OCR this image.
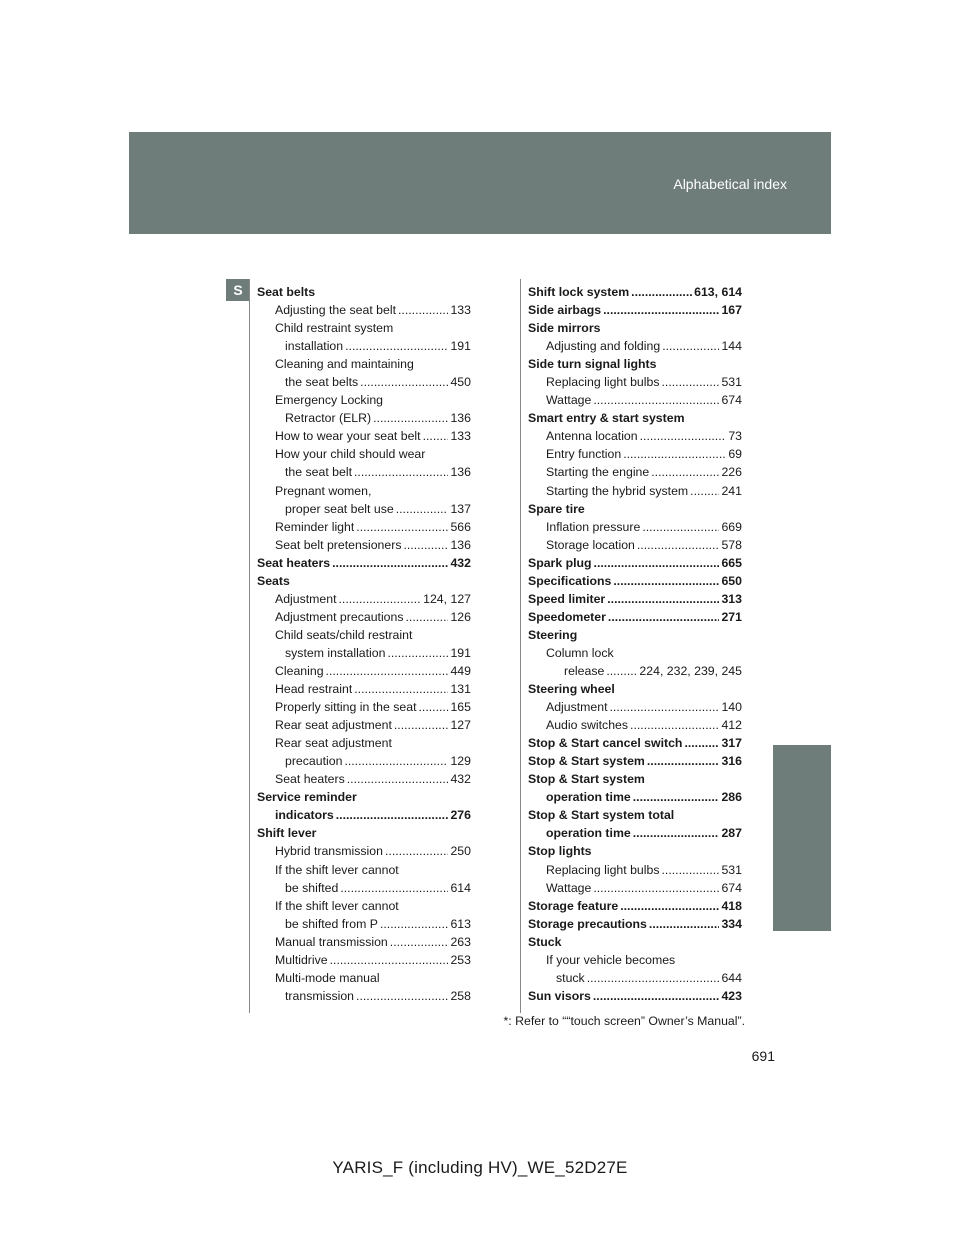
Alphabetical index
S	Seat belts
Adjusting the seat belt .....	133
Child restraint system
installation .....	191
Cleaning and maintaining
the seat belts .....	450
Emergency Locking
Retractor (ELR) .....	136
How to wear your seat belt ..... 133
How your child should wear
the seat belt .....	136
Pregnant women,
proper seat belt use .....	137
Reminder light .....	566
Seat belt pretensioners .....	136
Seat heaters .....	432
Seats
Adjustment .....	124, 127
Adjustment precautions .....	126
Child seats/child restraint
system installation .....	191
Cleaning .....	449
Head restraint .....	131
Properly sitting in the seat .....	165
Rear seat adjustment .....	127
Rear seat adjustment
precaution .....	129
Seat heaters .....	432
Service reminder
indicators .....	276
Shift lever
Hybrid transmission .....	250
If the shift lever cannot
be shifted .....	614
If the shift lever cannot
be shifted from P .....	613
Manual transmission .....	263
Multidrive .....	253
Multi-mode manual
transmission .....	258
Shift lock system .....	613, 614
Side airbags .....	167
Side mirrors
Adjusting and folding .....	144
Side turn signal lights
Replacing light bulbs .....	531
Wattage .....	674
Smart entry & start system
Antenna location .....	73
Entry function .....	69
Starting the engine .....	226
Starting the hybrid system .....	241
Spare tire
Inflation pressure .....	669
Storage location .....	578
Spark plug .....	665
Specifications .....	650
Speed limiter .....	313
Speedometer .....	271
Steering
Column lock
release .....	224, 232, 239, 245
Steering wheel
Adjustment .....	140
Audio switches .....	412
Stop & Start cancel switch .....	317
Stop & Start system .....	316
Stop & Start system
operation time .....	286
Stop & Start system total
operation time .....	287
Stop lights
Replacing light bulbs .....	531
Wattage .....	674
Storage feature .....	418
Storage precautions .....	334
Stuck
If your vehicle becomes
stuck .....	644
Sun visors .....	423
*: Refer to ““touch screen” Owner’s Manual”.
691
YARIS_F (including HV)_WE_52D27E
